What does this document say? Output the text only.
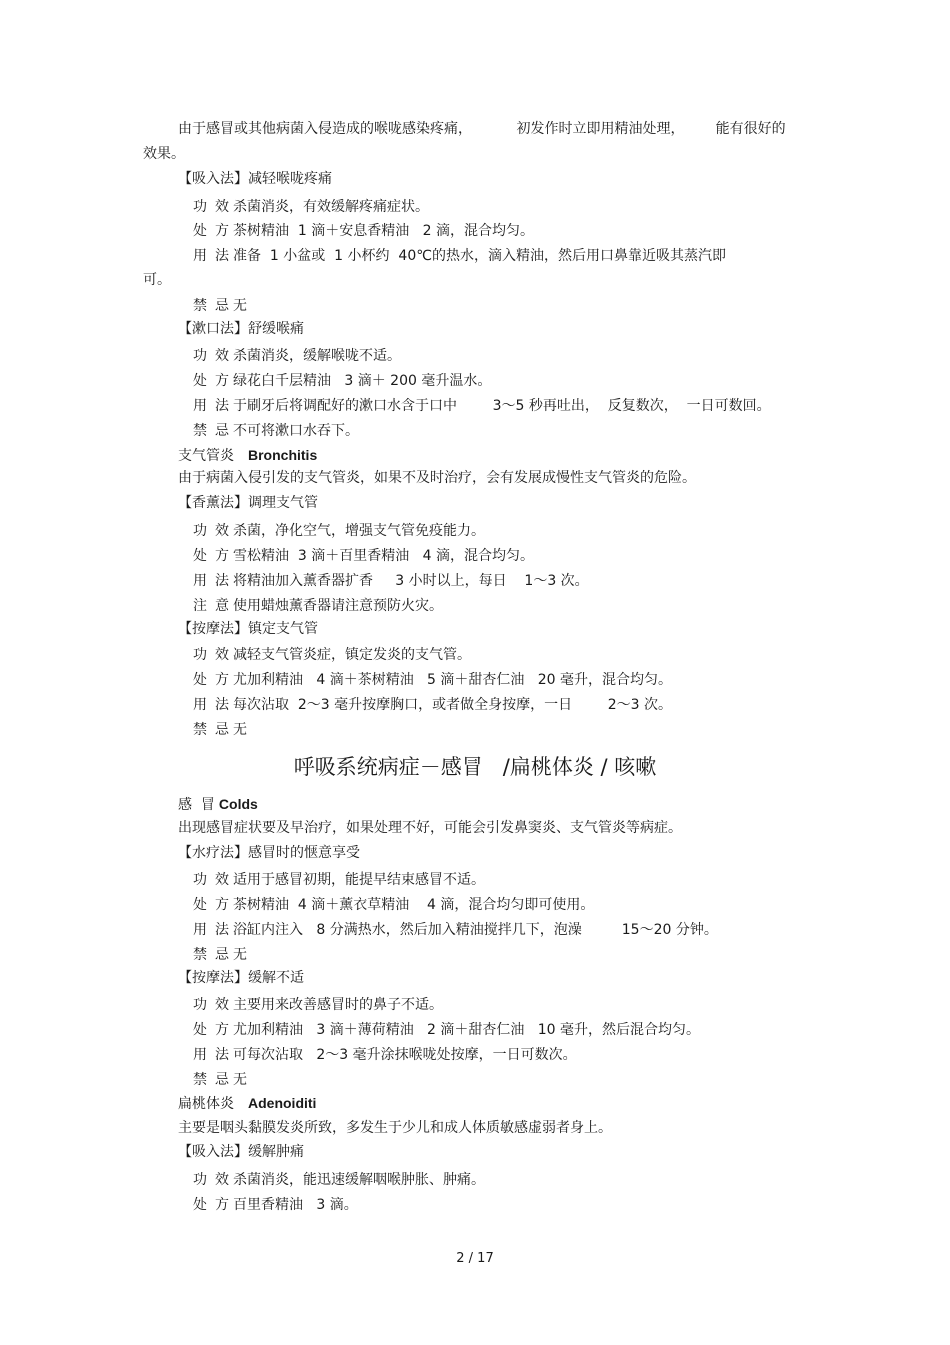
由于感冒或其他病菌入侵造成的喉咙感染疼痛，          初发作时立即用精油处理，       能有很好的
效果。
【吸入法】减轻喉咙疼痛
功效杀菌消炎，有效缓解疼痛症状。
处方茶树精油  1 滴＋安息香精油   2 滴，混合均匀。
用法准备  1 小盆或  1 小杯约  40℃的热水，滴入精油，然后用口鼻靠近吸其蒸汽即
可。
禁忌无
【漱口法】舒缓喉痛
功效杀菌消炎，缓解喉咙不适。
处方绿花白千层精油   3 滴＋ 200 毫升温水。
用法于刷牙后将调配好的漱口水含于口中        3～5 秒再吐出，  反复数次，  一日可数回。
禁忌不可将漱口水吞下。
支气管炎 Bronchitis
由于病菌入侵引发的支气管炎，如果不及时治疗，会有发展成慢性支气管炎的危险。
【香薰法】调理支气管
功效杀菌，净化空气，增强支气管免疫能力。
处方雪松精油  3 滴＋百里香精油   4 滴，混合均匀。
用法将精油加入薰香器扩香     3 小时以上，每日    1～3 次。
注意使用蜡烛薰香器请注意预防火灾。
【按摩法】镇定支气管
功效减轻支气管炎症，镇定发炎的支气管。
处方尤加利精油   4 滴＋茶树精油   5 滴＋甜杏仁油   20 毫升，混合均匀。
用法每次沾取  2～3 毫升按摩胸口，或者做全身按摩，一日        2～3 次。
禁忌无
呼吸系统病症－感冒   /扁桃体炎 / 咳嗽
感  冒 Colds
出现感冒症状要及早治疗，如果处理不好，可能会引发鼻窦炎、支气管炎等病症。
【水疗法】感冒时的惬意享受
功效适用于感冒初期，能提早结束感冒不适。
处方茶树精油  4 滴＋薰衣草精油    4 滴，混合均匀即可使用。
用法浴缸内注入   8 分满热水，然后加入精油搅拌几下，泡澡         15～20 分钟。
禁忌无
【按摩法】缓解不适
功效主要用来改善感冒时的鼻子不适。
处方尤加利精油   3 滴＋薄荷精油   2 滴＋甜杏仁油   10 毫升，然后混合均匀。
用法可每次沾取   2～3 毫升涂抹喉咙处按摩，一日可数次。
禁忌无
扁桃体炎 Adenoiditi
主要是咽头黏膜发炎所致，多发生于少儿和成人体质敏感虚弱者身上。
【吸入法】缓解肿痛
功效杀菌消炎，能迅速缓解咽喉肿胀、肿痛。
处方百里香精油   3 滴。
2 / 17
